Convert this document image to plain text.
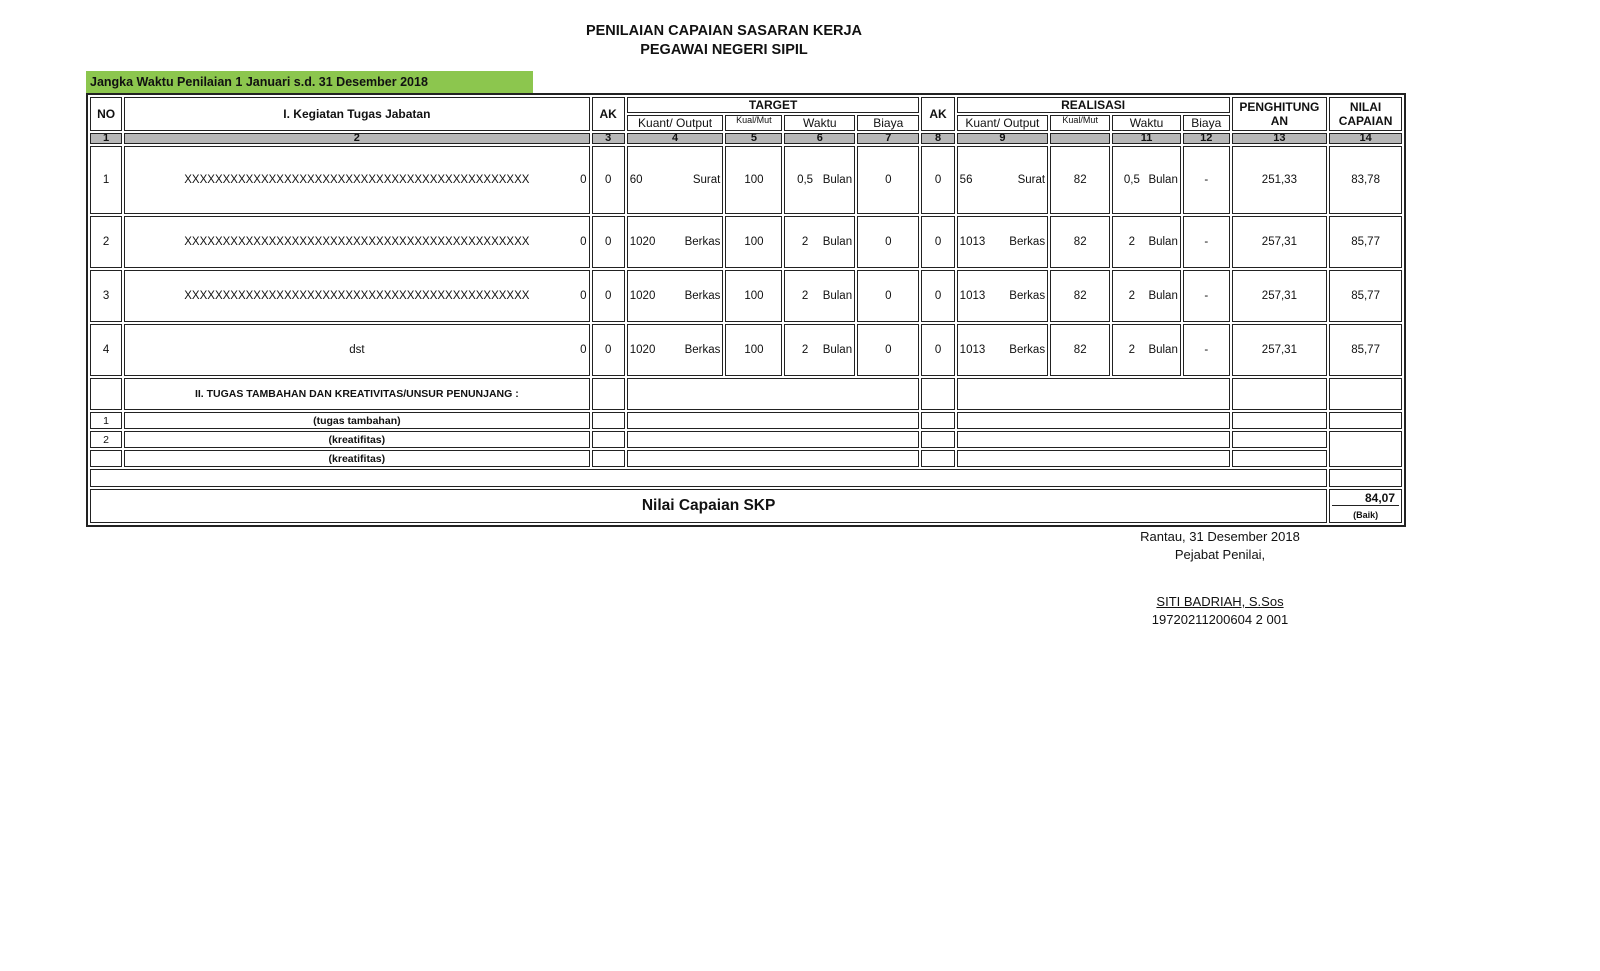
PENILAIAN CAPAIAN SASARAN KERJA
PEGAWAI NEGERI SIPIL
Jangka Waktu Penilaian 1 Januari s.d. 31 Desember 2018
NO	I. Kegiatan Tugas Jabatan	AK	TARGET				AK	REALISASI				PENGHITUNG AN	NILAI CAPAIAN
			Kuant/ Output	Kual/Mut	Waktu	Biaya		Kuant/ Output	Kual/Mut	Waktu	Biaya		
1	2	3	4	5	6	7	8	9		11	12	13	14
1	XXXXXXXXXXXXXXXXXXXXXXXXXXXXXXXXXXXXXXXXXXXXX 0	0	60 Surat	100	0,5 Bulan	0	0	56 Surat	82	0,5 Bulan	-	251,33	83,78
2	XXXXXXXXXXXXXXXXXXXXXXXXXXXXXXXXXXXXXXXXXXXXX 0	0	1020 Berkas	100	2 Bulan	0	0	1013 Berkas	82	2 Bulan	-	257,31	85,77
3	XXXXXXXXXXXXXXXXXXXXXXXXXXXXXXXXXXXXXXXXXXXXX 0	0	1020 Berkas	100	2 Bulan	0	0	1013 Berkas	82	2 Bulan	-	257,31	85,77
4	dst 0	0	1020 Berkas	100	2 Bulan	0	0	1013 Berkas	82	2 Bulan	-	257,31	85,77
	II. TUGAS TAMBAHAN DAN KREATIVITAS/UNSUR PENUNJANG :												
1	(tugas tambahan)												
2	(kreatifitas)												
	(kreatifitas)												

Nilai Capaian SKP													84,07
(Baik)
Rantau, 31 Desember 2018
Pejabat Penilai,
SITI BADRIAH, S.Sos
19720211200604 2 001
